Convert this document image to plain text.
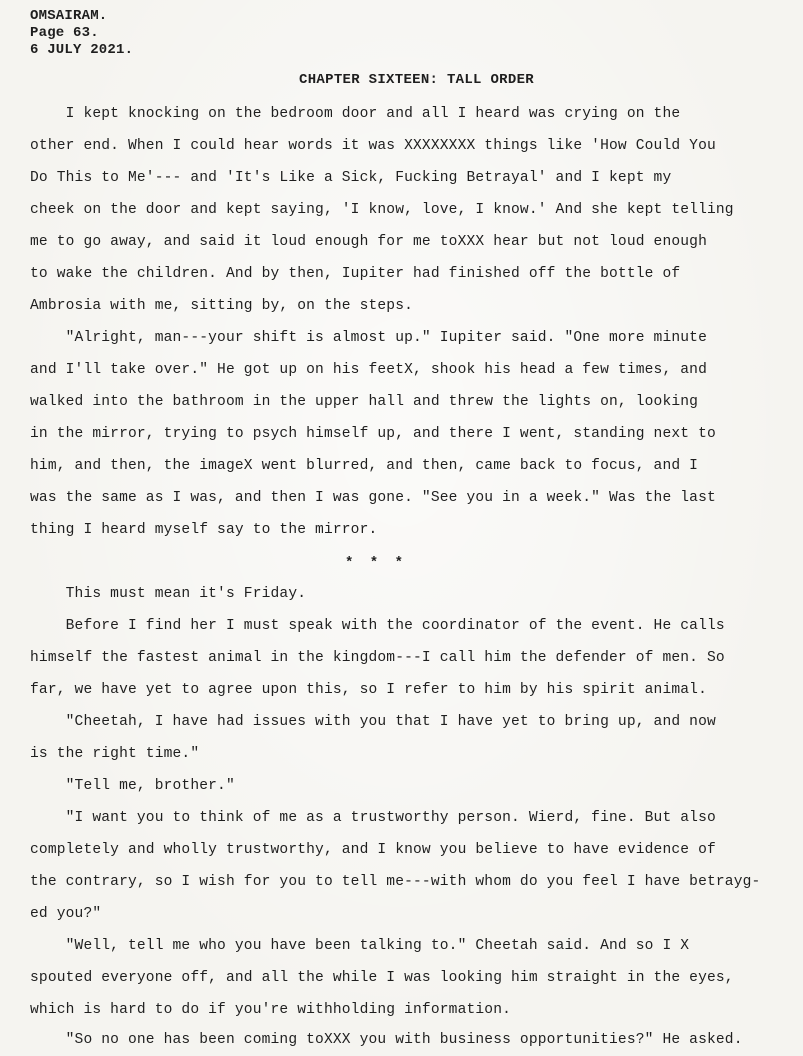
OMSAIRAM.
Page 63.
6 JULY 2021.
CHAPTER SIXTEEN: TALL ORDER
I kept knocking on the bedroom door and all I heard was crying on the
other end. When I could hear words it was XXXXXXXX things like 'How Could You
Do This to Me'--- and 'It's Like a Sick, Fucking Betrayal' and I kept my
cheek on the door and kept saying, 'I know, love, I know.' And she kept telling
me to go away, and said it loud enough for me toXXX hear but not loud enough
to wake the children. And by then, Iupiter had finished off the bottle of
Ambrosia with me, sitting by, on the steps.
"Alright, man---your shift is almost up." Iupiter said. "One more minute
and I'll take over." He got up on his feetX, shook his head a few times, and
walked into the bathroom in the upper hall and threw the lights on, looking
in the mirror, trying to psych himself up, and there I went, standing next to
him, and then, the imageX went blurred, and then, came back to focus, and I
was the same as I was, and then I was gone. "See you in a week." Was the last
thing I heard myself say to the mirror.
* * *
This must mean it's Friday.
Before I find her I must speak with the coordinator of the event. He calls
himself the fastest animal in the kingdom---I call him the defender of men. So
far, we have yet to agree upon this, so I refer to him by his spirit animal.
"Cheetah, I have had issues with you that I have yet to bring up, and now
is the right time."
"Tell me, brother."
"I want you to think of me as a trustworthy person. Wierd, fine. But also
completely and wholly trustworthy, and I know you believe to have evidence of
the contrary, so I wish for you to tell me---with whom do you feel I have betrayg-
ed you?"
"Well, tell me who you have been talking to." Cheetah said. And so I X
spouted everyone off, and all the while I was looking him straight in the eyes,
which is hard to do if you're withholding information.
"So no one has been coming toXXX you with business opportunities?" He asked.
